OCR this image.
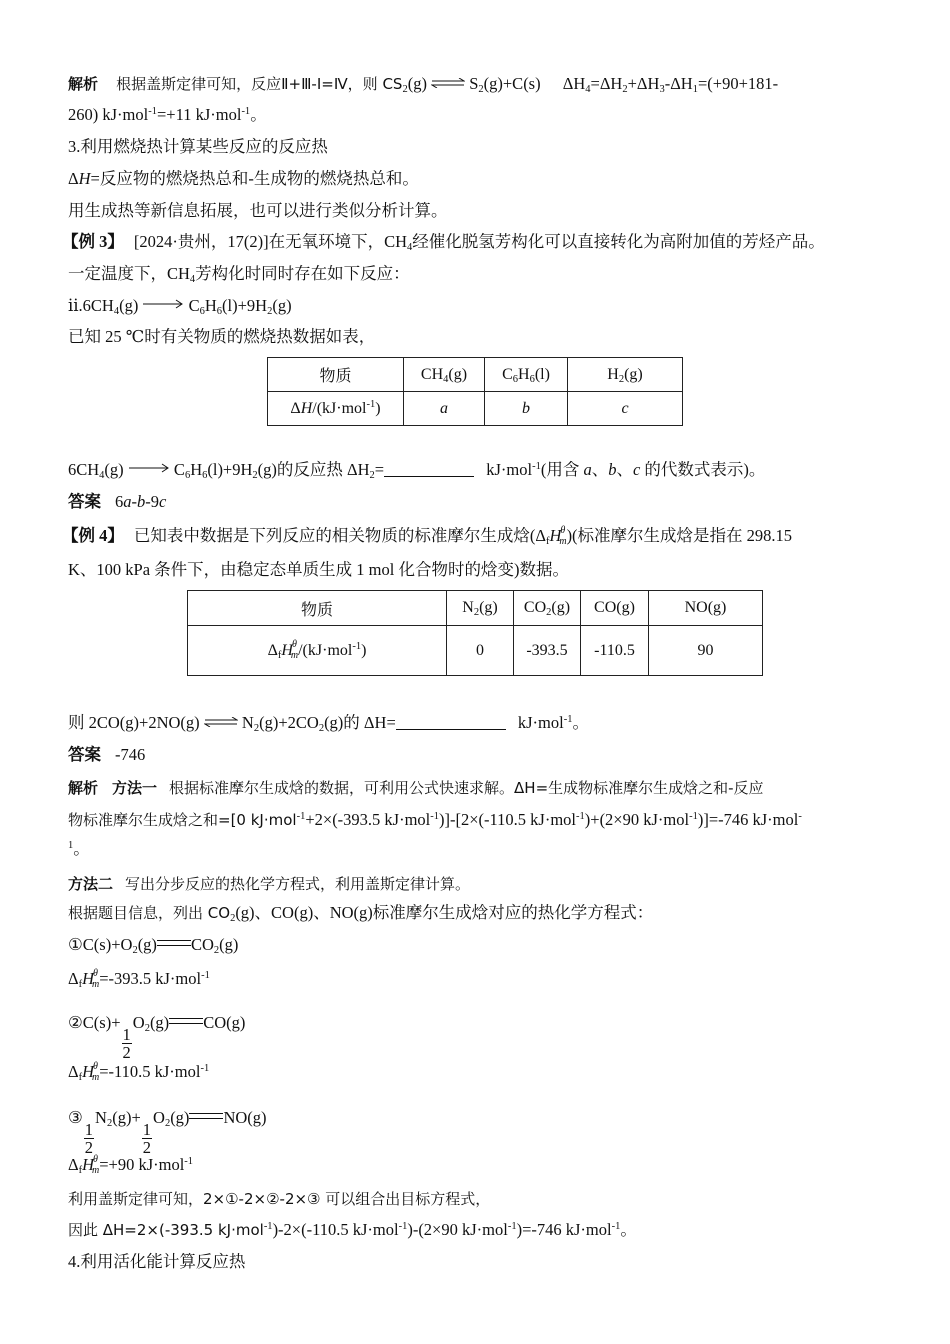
解析 根据盖斯定律可知，反应Ⅱ+Ⅲ-Ⅰ=Ⅳ，则 $CS_2(g)$ ⇌ $S_2(g)+C(s)$ $\Delta H_4=\Delta H_2+\Delta H_3-\Delta H_1=(+90+181-$
260) kJ·mol$^{-1}$=+11 kJ·mol$^{-1}$。
3.利用燃烧热计算某些反应的反应热
ΔH=反应物的燃烧热总和-生成物的燃烧热总和。
用生成热等新信息拓展，也可以进行类似分析计算。
【例 3】 [2024·贵州，17(2)]在无氧环境下，$CH_4$经催化脱氢芳构化可以直接转化为高附加值的芳烃产品。
一定温度下，$CH_4$芳构化时同时存在如下反应：
$ⅱ.6CH_4(g)$	$C_6H_6(l)+9H_2(g)$
已知 25 ℃时有关物质的燃烧热数据如表，
物质	$CH_4(g)$	$C_6H_6(l)$	$H_2(g)$
ΔH/(kJ·mol$^{-1}$)	a	b	c
$6CH_4(g)$	$C_6H_6(l)+9H_2(g)$的反应热 $\Delta H_2=$	kJ·mol$^{-1}$(用含 a、b、c 的代数式表示)。
答案 6a-b-9c
【例 4】 已知表中数据是下列反应的相关物质的标准摩尔生成焓$(\Delta_fH^\theta_m)$(标准摩尔生成焓是指在 298.15
K、100 kPa 条件下，由稳定态单质生成 1 mol 化合物时的焓变)数据。
物质	$N_2(g)$	$CO_2(g)$	CO(g)	NO(g)
$\Delta_fH^\theta_m/(kJ\cdot mol^{-1})$	0	-393.5	-110.5	90
则 2CO(g)+2NO(g) ⇌ $N_2(g)+2CO_2(g)$的 ΔH=	kJ·mol$^{-1}$。
答案 -746
解析 方法一 根据标准摩尔生成焓的数据，可利用公式快速求解。ΔH=生成物标准摩尔生成焓之和-反应
物标准摩尔生成焓之和=[0 kJ·mol$^{-1}$+2×(-393.5 kJ·mol$^{-1}$)]-[2×(-110.5 kJ·mol$^{-1}$)+(2×90 kJ·mol$^{-1}$)]=-746 kJ·mol-
$^1$。
方法二 写出分步反应的热化学方程式，利用盖斯定律计算。
根据题目信息，列出 $CO_2(g)$、CO(g)、NO(g)标准摩尔生成焓对应的热化学方程式：
$①C(s)+O_2(g)$ $CO_2(g)$
$\Delta_fH^\theta_m=-393.5$ kJ·mol$^{-1}$
②C(s)+
$\frac{1}{2}$
$O_2(g)$ CO(g)
$\Delta_fH^\theta_m=-110.5$ kJ·mol$^{-1}$
③
$\frac{1}{2}$
$N_2(g)+$
$\frac{1}{2}$
$O_2(g)$ NO(g)
$\Delta_fH^\theta_m=+90$ kJ·mol$^{-1}$
利用盖斯定律可知，2×①-2×②-2×③ 可以组合出目标方程式，
因此 ΔH=2×(-393.5 kJ·mol$^{-1}$)-2×(-110.5 kJ·mol$^{-1}$)-(2×90 kJ·mol$^{-1}$)=-746 kJ·mol$^{-1}$。
4.利用活化能计算反应热
